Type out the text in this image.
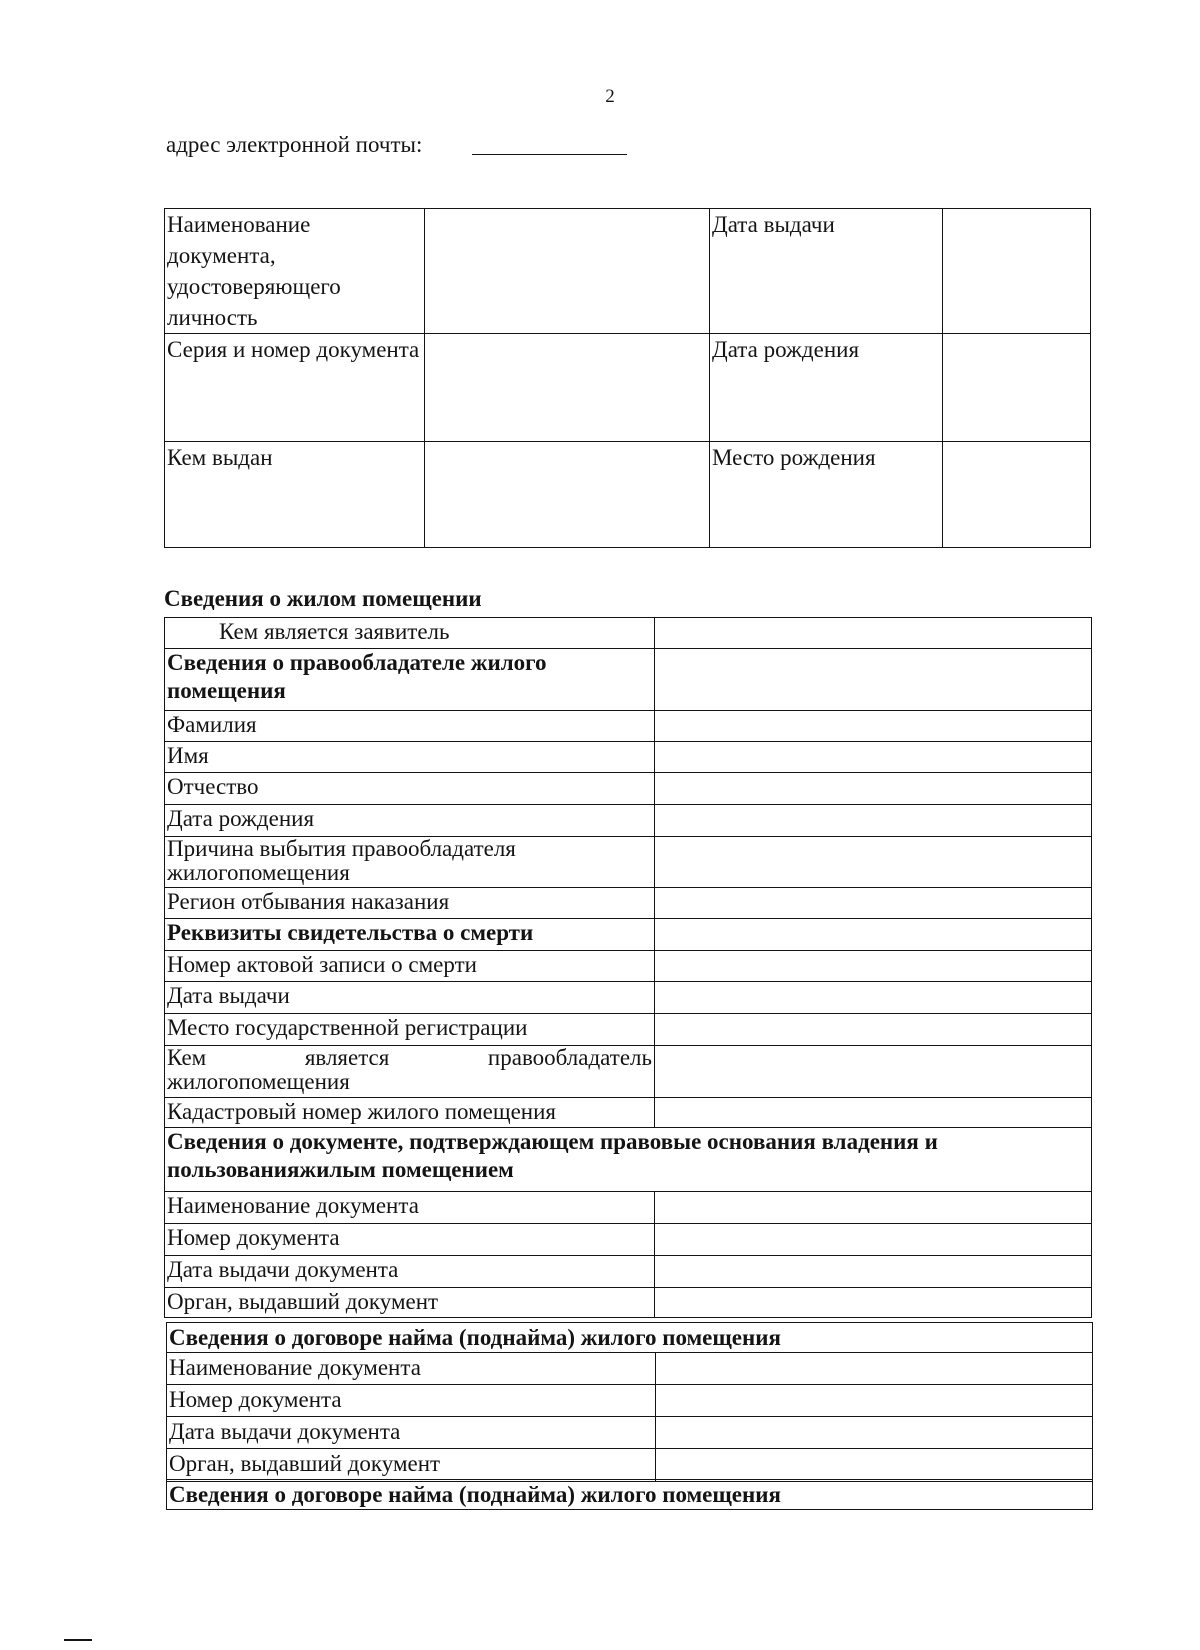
2
адрес электронной почты:
Наименование документа, удостоверяющего личность		Дата выдачи	
Серия и номер документа		Дата рождения	
Кем выдан		Место рождения	
Сведения о жилом помещении
Кем является заявитель	
Сведения о правообладателе жилого помещения	
Фамилия	
Имя	
Отчество	
Дата рождения	
Причина выбытия правообладателя жилогопомещения	
Регион отбывания наказания	
Реквизиты свидетельства о смерти	
Номер актовой записи о смерти	
Дата выдачи	
Место государственной регистрации	
Кем является правообладатель жилогопомещения	
Кадастровый номер жилого помещения	
Сведения о документе, подтверждающем правовые основания владения и пользованияжилым помещением	
Наименование документа	
Номер документа	
Дата выдачи документа	
Орган, выдавший документ	
Сведения о договоре найма (поднайма) жилого помещения	
Наименование документа	
Номер документа	
Дата выдачи документа	
Орган, выдавший документ	
Сведения о договоре найма (поднайма) жилого помещения
